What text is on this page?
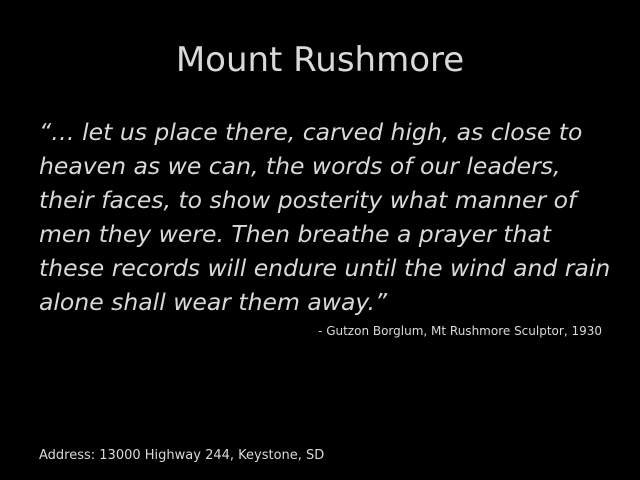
Mount Rushmore
“… let us place there, carved high, as close to
heaven as we can, the words of our leaders,
their faces, to show posterity what manner of
men they were. Then breathe a prayer that
these records will endure until the wind and rain
alone shall wear them away.”
- Gutzon Borglum, Mt Rushmore Sculptor, 1930
Address: 13000 Highway 244, Keystone, SD
